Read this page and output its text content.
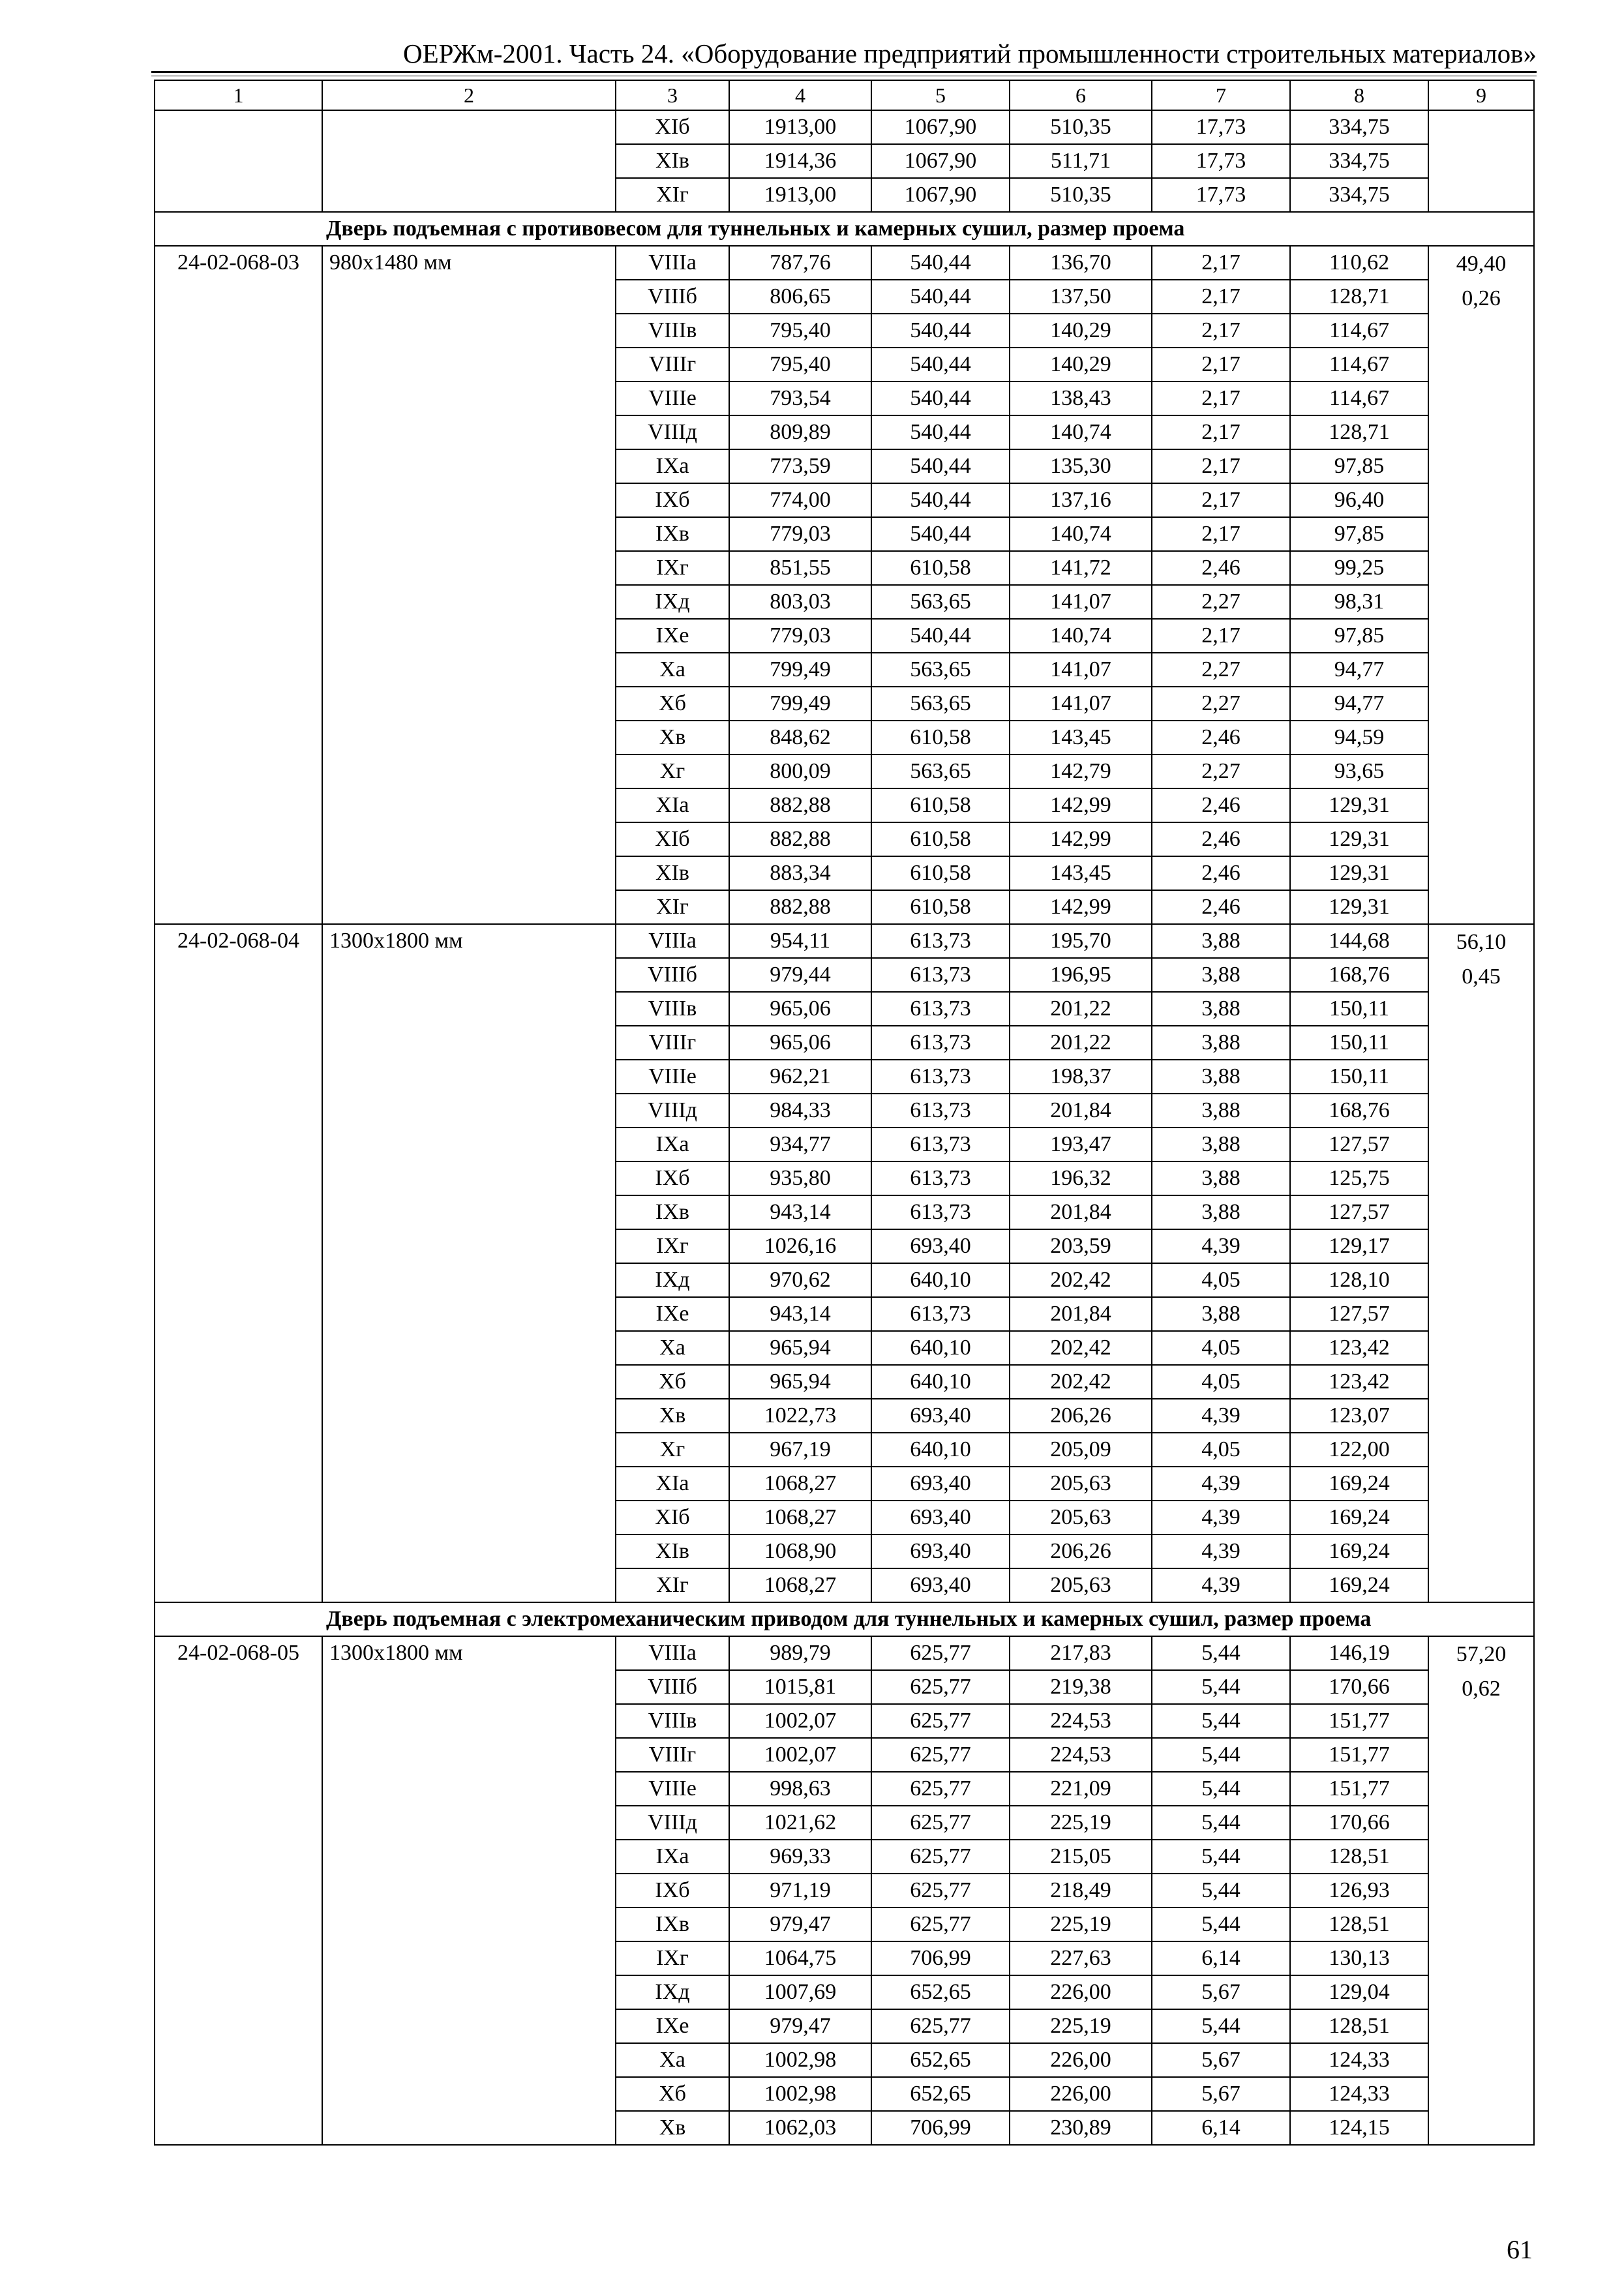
ОЕРЖм-2001. Часть 24. «Оборудование предприятий промышленности строительных материалов»
1	2	3	4	5	6	7	8	9
		ХIб	1913,00	1067,90	510,35	17,73	334,75	
		ХIв	1914,36	1067,90	511,71	17,73	334,75	
		ХIг	1913,00	1067,90	510,35	17,73	334,75	
Дверь подъемная с противовесом для туннельных и камерных сушил, размер проема								
24-02-068-03	980х1480 мм	VIIIа	787,76	540,44	136,70	2,17	110,62	49,40
0,26

		VIIIб	806,65	540,44	137,50	2,17	128,71	
		VIIIв	795,40	540,44	140,29	2,17	114,67	
		VIIIг	795,40	540,44	140,29	2,17	114,67	
		VIIIе	793,54	540,44	138,43	2,17	114,67	
		VIIIд	809,89	540,44	140,74	2,17	128,71	
		IХа	773,59	540,44	135,30	2,17	97,85	
		IХб	774,00	540,44	137,16	2,17	96,40	
		IХв	779,03	540,44	140,74	2,17	97,85	
		IХг	851,55	610,58	141,72	2,46	99,25	
		IХд	803,03	563,65	141,07	2,27	98,31	
		IХе	779,03	540,44	140,74	2,17	97,85	
		Ха	799,49	563,65	141,07	2,27	94,77	
		Хб	799,49	563,65	141,07	2,27	94,77	
		Хв	848,62	610,58	143,45	2,46	94,59	
		Хг	800,09	563,65	142,79	2,27	93,65	
		ХIа	882,88	610,58	142,99	2,46	129,31	
		ХIб	882,88	610,58	142,99	2,46	129,31	
		ХIв	883,34	610,58	143,45	2,46	129,31	
		ХIг	882,88	610,58	142,99	2,46	129,31	
24-02-068-04	1300х1800 мм	VIIIа	954,11	613,73	195,70	3,88	144,68	56,10
0,45

		VIIIб	979,44	613,73	196,95	3,88	168,76	
		VIIIв	965,06	613,73	201,22	3,88	150,11	
		VIIIг	965,06	613,73	201,22	3,88	150,11	
		VIIIе	962,21	613,73	198,37	3,88	150,11	
		VIIIд	984,33	613,73	201,84	3,88	168,76	
		IХа	934,77	613,73	193,47	3,88	127,57	
		IХб	935,80	613,73	196,32	3,88	125,75	
		IХв	943,14	613,73	201,84	3,88	127,57	
		IХг	1026,16	693,40	203,59	4,39	129,17	
		IХд	970,62	640,10	202,42	4,05	128,10	
		IХе	943,14	613,73	201,84	3,88	127,57	
		Ха	965,94	640,10	202,42	4,05	123,42	
		Хб	965,94	640,10	202,42	4,05	123,42	
		Хв	1022,73	693,40	206,26	4,39	123,07	
		Хг	967,19	640,10	205,09	4,05	122,00	
		ХIа	1068,27	693,40	205,63	4,39	169,24	
		ХIб	1068,27	693,40	205,63	4,39	169,24	
		ХIв	1068,90	693,40	206,26	4,39	169,24	
		ХIг	1068,27	693,40	205,63	4,39	169,24	
Дверь подъемная с электромеханическим приводом для туннельных и камерных сушил, размер проема								
24-02-068-05	1300х1800 мм	VIIIа	989,79	625,77	217,83	5,44	146,19	57,20
0,62

		VIIIб	1015,81	625,77	219,38	5,44	170,66	
		VIIIв	1002,07	625,77	224,53	5,44	151,77	
		VIIIг	1002,07	625,77	224,53	5,44	151,77	
		VIIIе	998,63	625,77	221,09	5,44	151,77	
		VIIIд	1021,62	625,77	225,19	5,44	170,66	
		IХа	969,33	625,77	215,05	5,44	128,51	
		IХб	971,19	625,77	218,49	5,44	126,93	
		IХв	979,47	625,77	225,19	5,44	128,51	
		IХг	1064,75	706,99	227,63	6,14	130,13	
		IХд	1007,69	652,65	226,00	5,67	129,04	
		IХе	979,47	625,77	225,19	5,44	128,51	
		Ха	1002,98	652,65	226,00	5,67	124,33	
		Хб	1002,98	652,65	226,00	5,67	124,33	
		Хв	1062,03	706,99	230,89	6,14	124,15	
61
